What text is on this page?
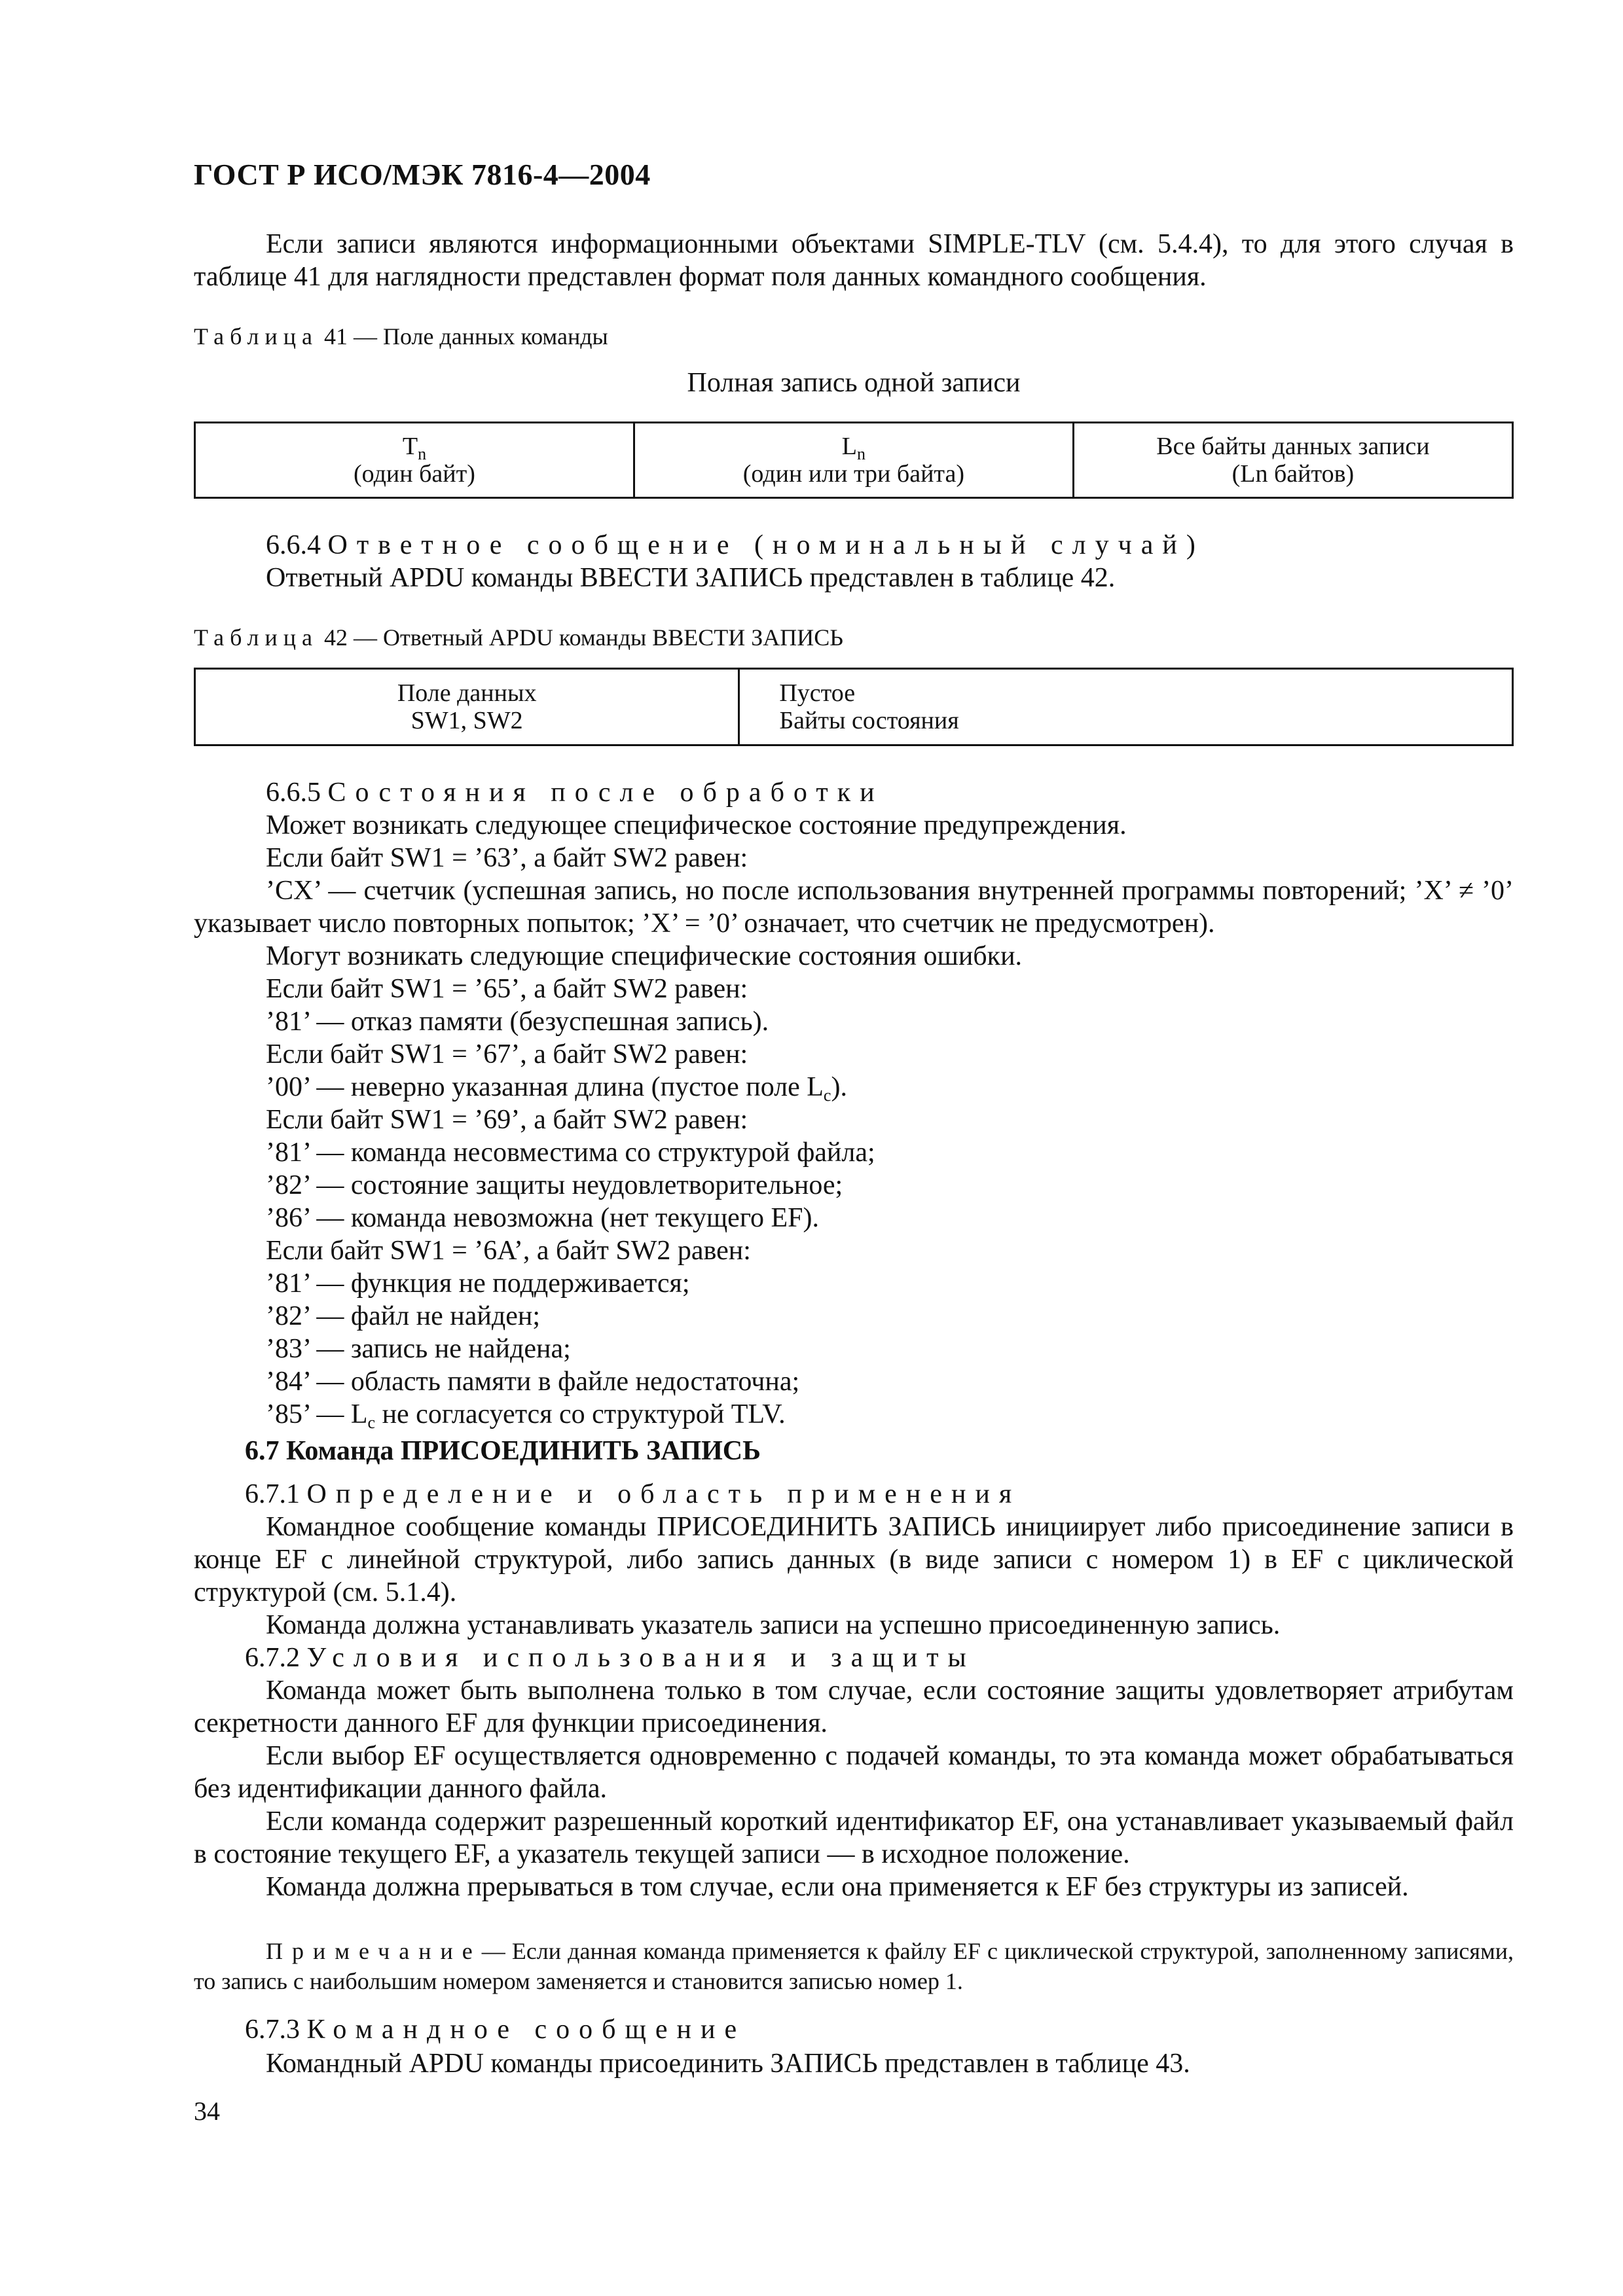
ГОСТ Р ИСО/МЭК 7816-4—2004

Если записи являются информационными объектами SIMPLE-TLV (см. 5.4.4), то для этого случая в таблице 41 для наглядности представлен формат поля данных командного сообщения.

Таблица 41 — Поле данных команды
Полная запись одной записи
$T_n$
(один байт)

$L_n$
(один или три байта)

Все байты данных записи
(Ln байтов)
6.6.4 Ответное сообщение (номинальный случай)
Ответный APDU команды ВВЕСТИ ЗАПИСЬ представлен в таблице 42.
Таблица 42 — Ответный APDU команды ВВЕСТИ ЗАПИСЬ
Поле данных
SW1, SW2

Пустое
Байты состояния
6.6.5 Состояния после обработки
Может возникать следующее специфическое состояние предупреждения.
Если байт SW1 = ’63’, а байт SW2 равен:
’CX’ — счетчик (успешная запись, но после использования внутренней программы повторений; ’X’ ≠ ’0’ указывает число повторных попыток; ’X’ = ’0’ означает, что счетчик не предусмотрен).
Могут возникать следующие специфические состояния ошибки.
Если байт SW1 = ’65’, а байт SW2 равен:
’81’ — отказ памяти (безуспешная запись).
Если байт SW1 = ’67’, а байт SW2 равен:
’00’ — неверно указанная длина (пустое поле $L_c$).
Если байт SW1 = ’69’, а байт SW2 равен:
’81’ — команда несовместима со структурой файла;
’82’ — состояние защиты неудовлетворительное;
’86’ — команда невозможна (нет текущего EF).
Если байт SW1 = ’6A’, а байт SW2 равен:
’81’ — функция не поддерживается;
’82’ — файл не найден;
’83’ — запись не найдена;
’84’ — область памяти в файле недостаточна;
’85’ — $L_c$ не согласуется со структурой TLV.
6.7 Команда ПРИСОЕДИНИТЬ ЗАПИСЬ
6.7.1 Определение и область применения
Командное сообщение команды ПРИСОЕДИНИТЬ ЗАПИСЬ инициирует либо присоединение записи в конце EF с линейной структурой, либо запись данных (в виде записи с номером 1) в EF с циклической структурой (см. 5.1.4).
Команда должна устанавливать указатель записи на успешно присоединенную запись.
6.7.2 Условия использования и защиты
Команда может быть выполнена только в том случае, если состояние защиты удовлетворяет атрибутам секретности данного EF для функции присоединения.
Если выбор EF осуществляется одновременно с подачей команды, то эта команда может обрабатываться без идентификации данного файла.
Если команда содержит разрешенный короткий идентификатор EF, она устанавливает указываемый файл в состояние текущего EF, а указатель текущей записи — в исходное положение.
Команда должна прерываться в том случае, если она применяется к EF без структуры из записей.
Примечание— Если данная команда применяется к файлу EF с циклической структурой, заполненному записями, то запись с наибольшим номером заменяется и становится записью номер 1.
6.7.3 Командное сообщение
Командный APDU команды присоединить ЗАПИСЬ представлен в таблице 43.
34
